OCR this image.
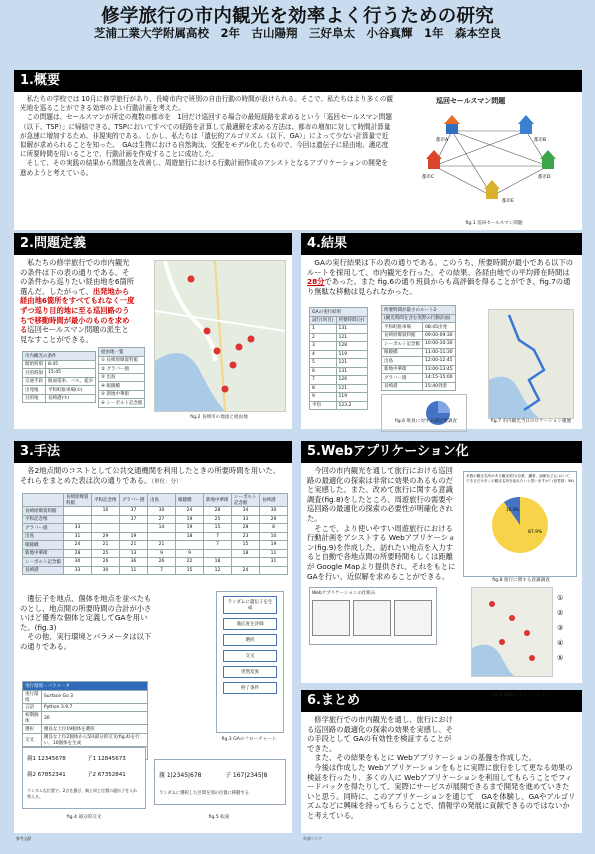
修学旅行の市内観光を効率よく行うための研究
芝浦工業大学附属高校　2年　古山陽翔　三好阜太　小谷真輝　1年　森本空良
1.概要

　私たちの学校では 10月に修学旅行があり、長崎市内で班別の自由行動の時間が設けられる。そこで、私たちはより多くの観光地を巡ることができる効率のよい行動計画を考えた。

　この問題は、セールスマンが所定の複数の都市を　1回だけ巡回する場合の最短経路を求めるという「巡回セールスマン問題（以下、TSP）」に帰結できる。TSPにおいてすべての経路を計算して最適解を求める方法は、都市の増加に対して時間計算量が急速に増加するため、非現実的である。しかし、私たちは「遺伝的アルゴリズム（以下、GA）」によって少ない計算量で近似解が求められることを知った。　GAは生物における自然淘汰、交配をモデル化したもので、今回は遺伝子に経由地、適応度に所要時間を用いることで、行動計画を作成することに成功した。

　そして、その実践の結果から問題点を改善し、周遊旅行における行動計画作成のアシストとなるアプリケーションの開発を進めようと考えている。

巡回セールスマン問題
都市A	都市B
都市C	都市D
都市E
fig.1 巡回セールスマン問題
2.問題定義
　私たちの修学旅行での市内観光の条件は下の表の通りである。その条件から巡りたい経由地を6箇所選んだ。したがって、出発地から経由地6箇所をすべてもれなく一度ずつ巡り目的地に至る巡回路のうちで移動時間が最小のものを求める巡回セールスマン問題の派生と見なすことができる。
市内観光の条件	
開始時刻	8:45
目的時刻	15:45
交通手段	路面電車、バス、徒歩
出発地	平和町駐車場(①)
目的地	長崎港(⑦)
経由地一覧
① 長崎原爆資料館
② グラバー園
③ 出島
④ 眼鏡橋
⑤ 新地中華街
⑥ シーボルト記念館
fig.2 長崎市の地図と経由地
4.結果
　GAの実行結果は下の表の通りである。このうち、所要時間が最小である以下のルートを採用して、市内観光を行った。その結果、各経由地での平均滞在時間は28分であった。また fig.6の通り班員からも高評価を得ることができ、fig.7の通り無駄な移動は見られなかった。
GAの実行結果	
試行(回目)	所要時間(分)
1	131
2	121
3	128
4	119
5	121
6	131
7	126
8	121
9	119
平均	123.2
所要時間が最小のルート2	
(観光時間を含む実際の行動計画)	
平和町駐車場	08:45出発
長崎原爆資料館	09:00-09:30
シーボルト記念館	10:00-10:30
眼鏡橋	11:00-11:30
出島	12:00-12:45
新地中華街	13:00-13:45
グラバー園	14:15-15:00
長崎港	15:40到着
fig.6 班員に対する満足度調査	fig.7 市内観光当日のロケーション履歴
3.手法
　各2地点間のコストとして公共交通機関を利用したときの所要時間を用いた。それらをまとめた表は次の通りである。（単位：分）
	長崎原爆資料館	平和記念像	グラバー園	出島	眼鏡橋	新地中華街	シーボルト記念館	長崎港
長崎原爆資料館		10	37	30	24	28	34	30
平和記念像			37	27	19	25	33	29
グラバー園	33			14	19	15	28	8
出島	31	29	19		18	7	23	10
眼鏡橋	24	21	21	21		7	15	19
新地中華街	28	25	13	9	9		18	11
シーボルト記念館	30	26	36	26	22	18		31
長崎港	33	30	11	7	15	12	24	

　遺伝子を地点、個体を地点を並べたものとし、地点間の所要時間の合計が小さいほど優秀な個体と定義してGAを用いた。(fig.3)

　その他、実行環境とパラメータは以下の通りである。

実行環境・パラメータ	
実行環境	Surface Go 3
言語	Python 3.9.7
初期個体	30
選択	優良な上位19個体を選択
交叉	優良な上位2個体から5回部分的交叉(fig.4)を行い、10個体を生成

ランダムに遺伝子を生成
適応度を評価
選択
交叉
突然変異
終了条件
fig.3 GAのフローチャート
親1 12345678	子1 12845673
親2 67852341	子2 67352841
ランダムな位置で、2点を選び、親と同じ位置の遺伝子を入れ替える。
fig.4 部分的交叉
親 1|2345|678	子 167|2345|8
ランダムに選択した区間を別の位置に移動する
fig.5 転座
5.Webアプリケーション化

　今回の市内観光を通して旅行における巡回路の最適化の探索は非常に効果のあるものだと実感した。また、改めて旅行に関する意識調査(fig.8)をしたところ、周遊旅行の需要や巡回路の最適化の探索の必要性が明確化された。

　そこで、より使いやすい周遊旅行における行動計画をアシストする Webアプリケーション(fig.9)を作成した。訪れたい地点を入力すると自動で各地点間の所要時間もしくは距離が Google Mapより提供され、それをもとに GAを行い、近似解を求めることができる。

多数の観光名所がある観光旅行(京都、鎌倉、函館など)において、できるだけ多くの観光名所を訪れたいと思いますか？(回答数：58)
87.9%
10.3%
fig.8 旅行に関する意識調査
Webアプリケーションの仕組み
①
②
③
④
⑤
6.まとめ

　修学旅行での市内観光を通し、旅行における巡回路の最適化の探索の効果を実感し、その手段として GAの有効性を検証することができた。

　また、その結果をもとに Webアプリケーションの基盤を作成した。

　今後は作成した Webアプリケーションをもとに実際に旅行をして更なる効果の検証を行ったり、多くの人に Webアプリケーションを利用してもらうことでフィードバックを得たりして、実際にサービスが展開できるまで開発を進めていきたいと思う。同時に、このアプリケーションを通じて　GAを体験し、GAやアルゴリズムなどに興味を持ってもらうことで、情報学の発展に貢献できるのではないかと考えている。

fig.9 Webアプリケーション
参考文献	外部リンク
